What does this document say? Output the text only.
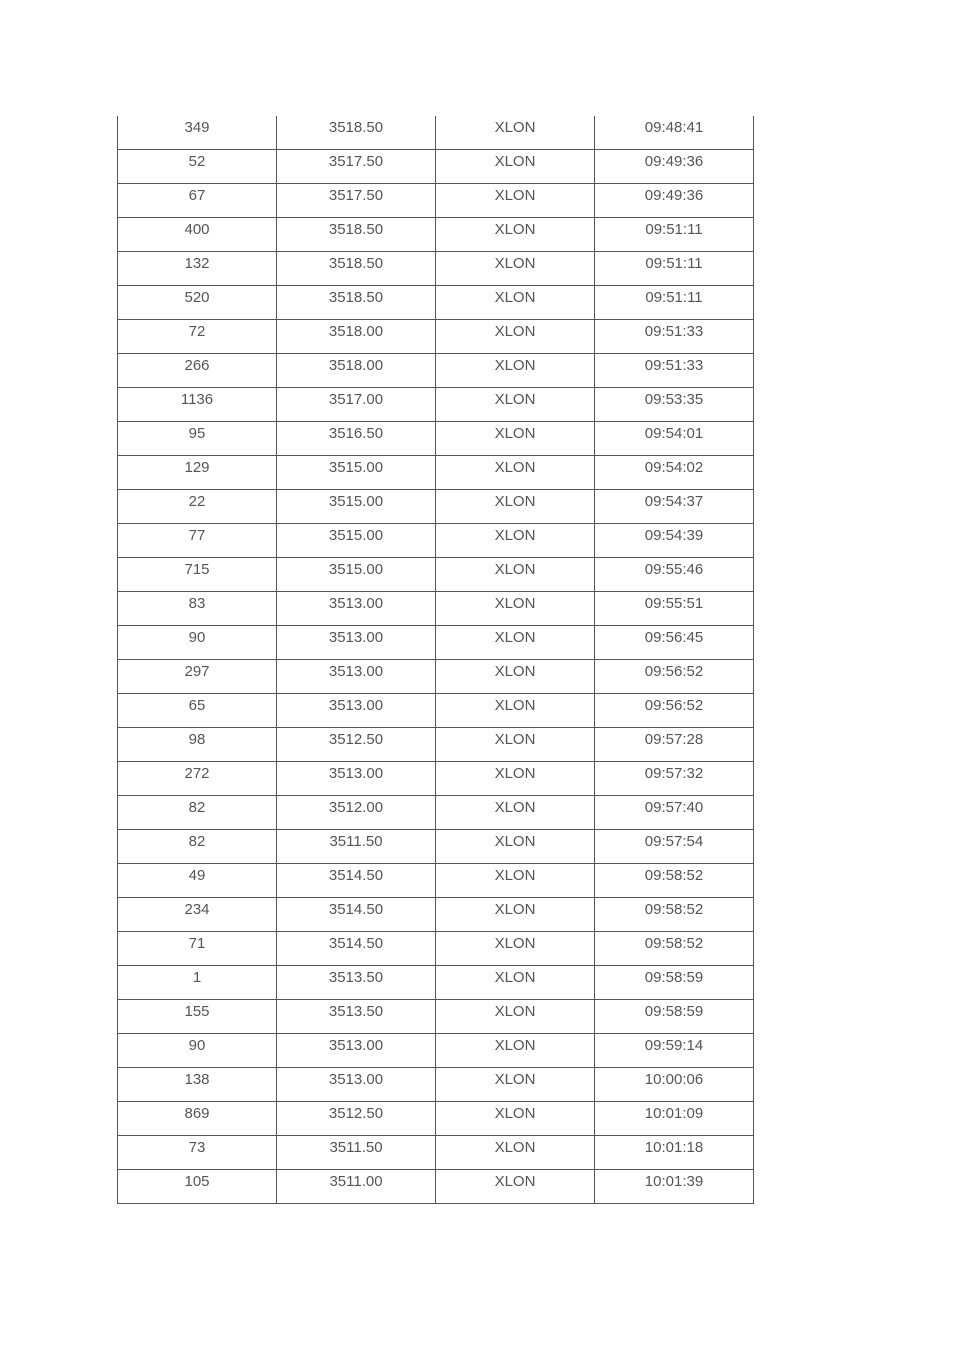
349	3518.50	XLON	09:48:41
52	3517.50	XLON	09:49:36
67	3517.50	XLON	09:49:36
400	3518.50	XLON	09:51:11
132	3518.50	XLON	09:51:11
520	3518.50	XLON	09:51:11
72	3518.00	XLON	09:51:33
266	3518.00	XLON	09:51:33
1136	3517.00	XLON	09:53:35
95	3516.50	XLON	09:54:01
129	3515.00	XLON	09:54:02
22	3515.00	XLON	09:54:37
77	3515.00	XLON	09:54:39
715	3515.00	XLON	09:55:46
83	3513.00	XLON	09:55:51
90	3513.00	XLON	09:56:45
297	3513.00	XLON	09:56:52
65	3513.00	XLON	09:56:52
98	3512.50	XLON	09:57:28
272	3513.00	XLON	09:57:32
82	3512.00	XLON	09:57:40
82	3511.50	XLON	09:57:54
49	3514.50	XLON	09:58:52
234	3514.50	XLON	09:58:52
71	3514.50	XLON	09:58:52
1	3513.50	XLON	09:58:59
155	3513.50	XLON	09:58:59
90	3513.00	XLON	09:59:14
138	3513.00	XLON	10:00:06
869	3512.50	XLON	10:01:09
73	3511.50	XLON	10:01:18
105	3511.00	XLON	10:01:39
